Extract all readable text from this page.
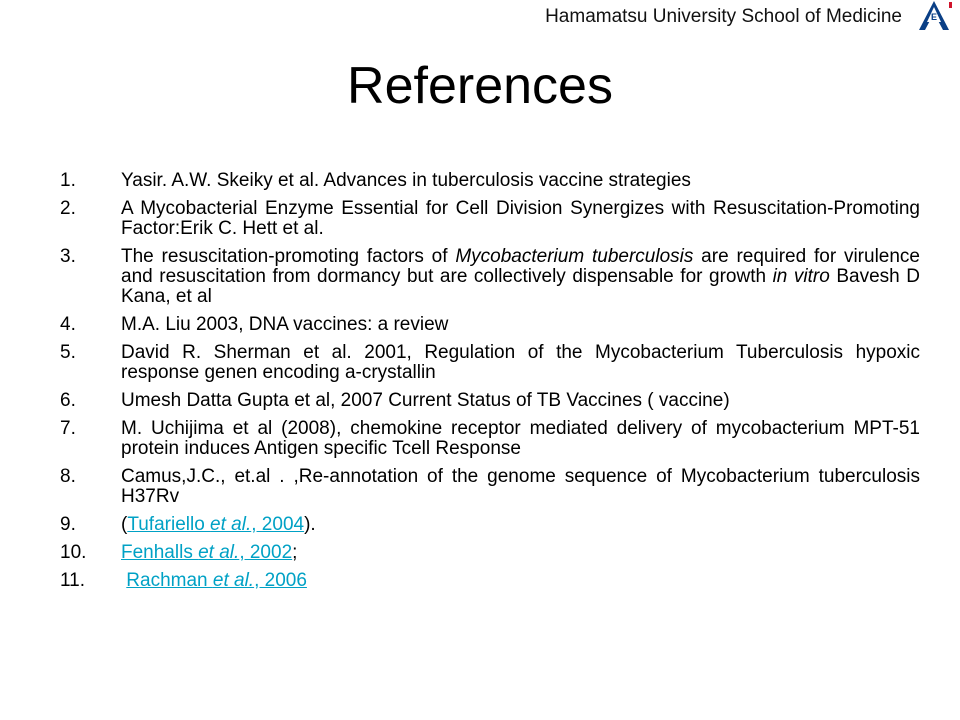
Hamamatsu University School of Medicine	E
References
1.	Yasir. A.W. Skeiky et al. Advances in tuberculosis vaccine strategies
2.	A Mycobacterial Enzyme Essential for Cell Division Synergizes with Resuscitation-Promoting Factor:Erik C. Hett et al.
3.	The resuscitation-promoting factors of Mycobacterium tuberculosis are required for virulence and resuscitation from dormancy but are collectively dispensable for growth in vitro Bavesh D Kana, et al
4.	M.A. Liu 2003, DNA vaccines: a review
5.	David R. Sherman et al. 2001, Regulation of the Mycobacterium Tuberculosis hypoxic response genen encoding a-crystallin
6.	Umesh Datta Gupta et al, 2007 Current Status of TB Vaccines ( vaccine)
7.	M. Uchijima et al (2008), chemokine receptor mediated delivery of mycobacterium MPT-51 protein induces Antigen specific Tcell Response
8.	Camus,J.C., et.al . ,Re-annotation of the genome sequence of Mycobacterium tuberculosis H37Rv
9.	(Tufariello et al., 2004).
10.	Fenhalls et al., 2002;
11.	Rachman et al., 2006
